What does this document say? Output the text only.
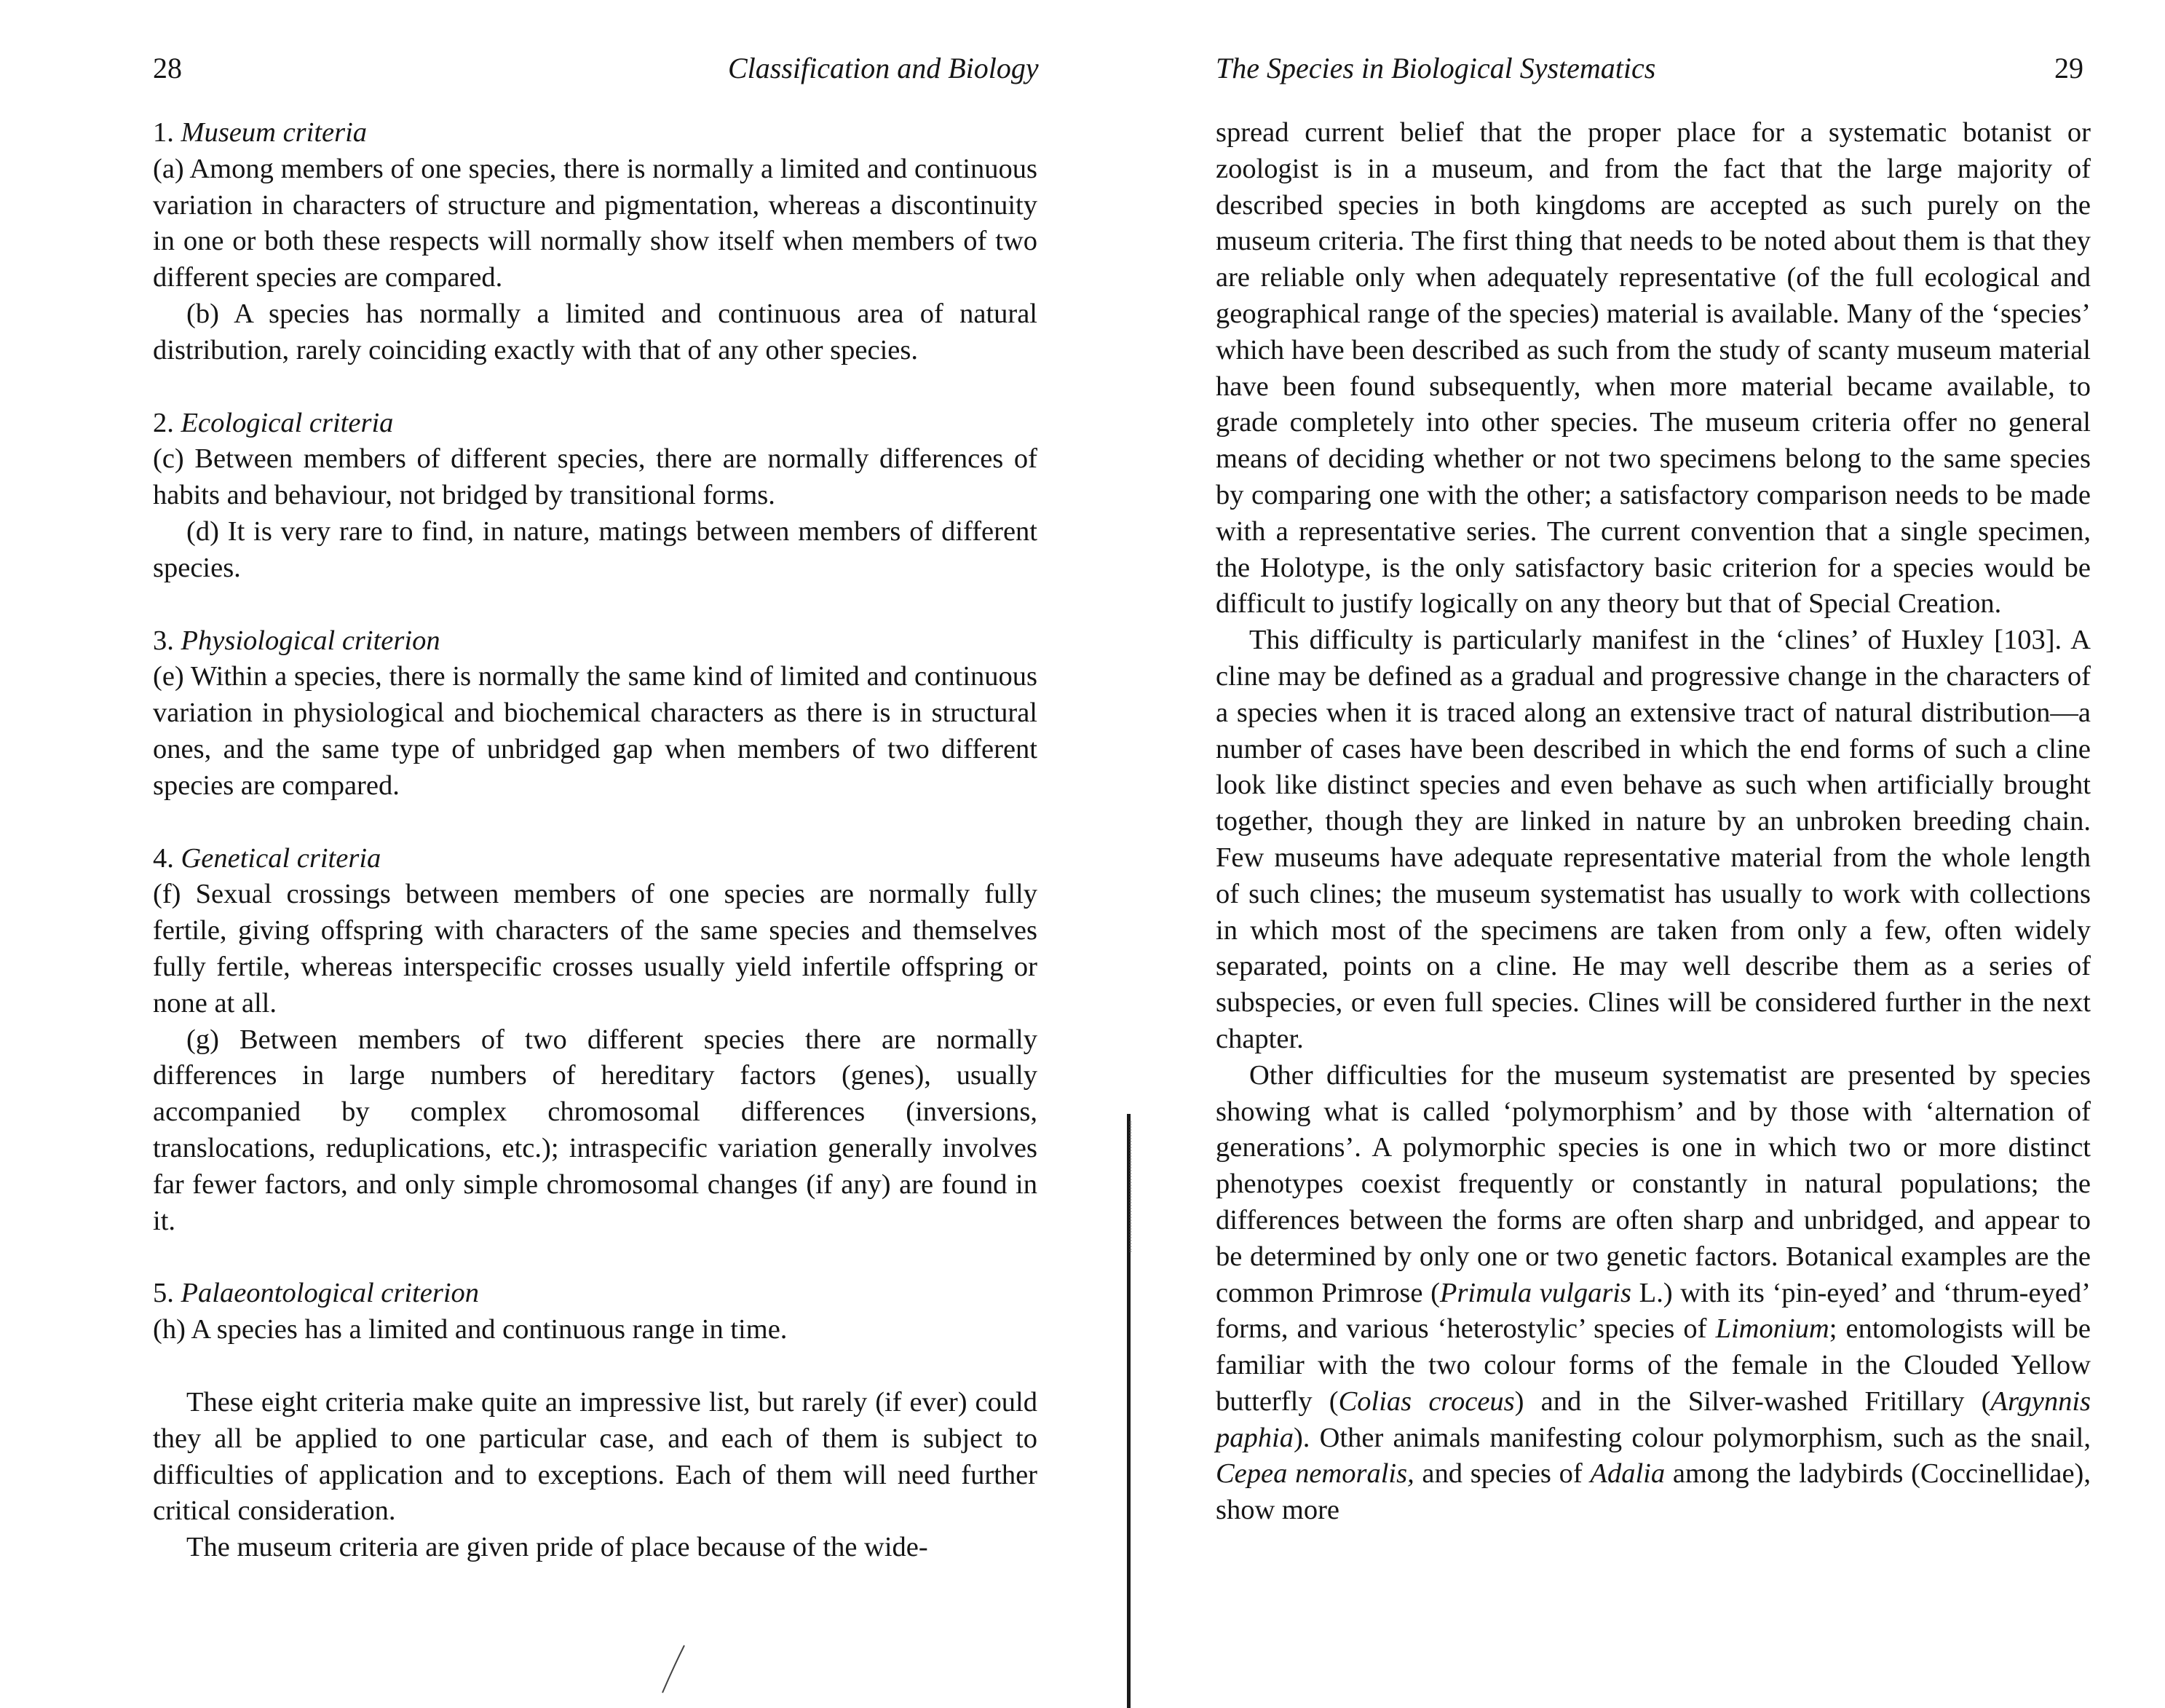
28	Classification and Biology
1. Museum criteria

(a) Among members of one species, there is normally a limited and continuous variation in characters of structure and pigmentation, whereas a discontinuity in one or both these respects will normally show itself when members of two different species are compared.

(b) A species has normally a limited and continuous area of natural distribution, rarely coinciding exactly with that of any other species.

2. Ecological criteria

(c) Between members of different species, there are normally differences of habits and behaviour, not bridged by transitional forms.

(d) It is very rare to find, in nature, matings between members of different species.

3. Physiological criterion

(e) Within a species, there is normally the same kind of limited and continuous variation in physiological and biochemical characters as there is in structural ones, and the same type of unbridged gap when members of two different species are compared.

4. Genetical criteria

(f) Sexual crossings between members of one species are normally fully fertile, giving offspring with characters of the same species and themselves fully fertile, whereas interspecific crosses usually yield infertile offspring or none at all.

(g) Between members of two different species there are normally differences in large numbers of hereditary factors (genes), usually accompanied by complex chromosomal differences (inversions, translocations, reduplications, etc.); intraspecific variation generally involves far fewer factors, and only simple chromosomal changes (if any) are found in it.

5. Palaeontological criterion

(h) A species has a limited and continuous range in time.

These eight criteria make quite an impressive list, but rarely (if ever) could they all be applied to one particular case, and each of them is subject to difficulties of application and to exceptions. Each of them will need further critical consideration.

The museum criteria are given pride of place because of the wide-

The Species in Biological Systematics	29

spread current belief that the proper place for a systematic botanist or zoologist is in a museum, and from the fact that the large majority of described species in both kingdoms are accepted as such purely on the museum criteria. The first thing that needs to be noted about them is that they are reliable only when adequately representative (of the full ecological and geographical range of the species) material is available. Many of the ‘species’ which have been described as such from the study of scanty museum material have been found subsequently, when more material became available, to grade completely into other species. The museum criteria offer no general means of deciding whether or not two specimens belong to the same species by comparing one with the other; a satisfactory comparison needs to be made with a representative series. The current convention that a single specimen, the Holotype, is the only satisfactory basic criterion for a species would be difficult to justify logically on any theory but that of Special Creation.

This difficulty is particularly manifest in the ‘clines’ of Huxley [103]. A cline may be defined as a gradual and progressive change in the characters of a species when it is traced along an extensive tract of natural distribution—a number of cases have been described in which the end forms of such a cline look like distinct species and even behave as such when artificially brought together, though they are linked in nature by an unbroken breeding chain. Few museums have adequate representative material from the whole length of such clines; the museum systematist has usually to work with collections in which most of the specimens are taken from only a few, often widely separated, points on a cline. He may well describe them as a series of subspecies, or even full species. Clines will be considered further in the next chapter.

Other difficulties for the museum systematist are presented by species showing what is called ‘polymorphism’ and by those with ‘alternation of generations’. A polymorphic species is one in which two or more distinct phenotypes coexist frequently or constantly in natural populations; the differences between the forms are often sharp and unbridged, and appear to be determined by only one or two genetic factors. Botanical examples are the common Primrose (Primula vulgaris L.) with its ‘pin-eyed’ and ‘thrum-eyed’ forms, and various ‘heterostylic’ species of Limonium; entomologists will be familiar with the two colour forms of the female in the Clouded Yellow butterfly (Colias croceus) and in the Silver-washed Fritillary (Argynnis paphia). Other animals manifesting colour polymorphism, such as the snail, Cepea nemoralis, and species of Adalia among the ladybirds (Coccinellidae), show more
